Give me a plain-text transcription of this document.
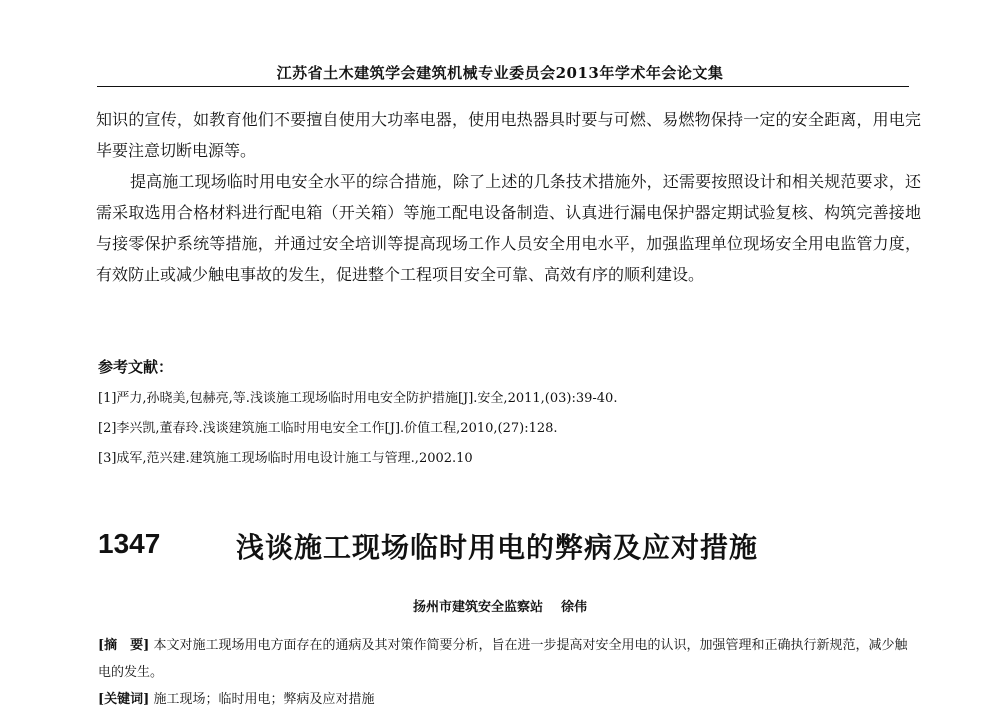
江苏省土木建筑学会建筑机械专业委员会2013年学术年会论文集
知识的宣传，如教育他们不要擅自使用大功率电器，使用电热器具时要与可燃、易燃物保持一定的安全距离，用电完毕要注意切断电源等。
提高施工现场临时用电安全水平的综合措施，除了上述的几条技术措施外，还需要按照设计和相关规范要求，还需采取选用合格材料进行配电箱（开关箱）等施工配电设备制造、认真进行漏电保护器定期试验复核、构筑完善接地与接零保护系统等措施，并通过安全培训等提高现场工作人员安全用电水平，加强监理单位现场安全用电监管力度，有效防止或减少触电事故的发生，促进整个工程项目安全可靠、高效有序的顺利建设。
参考文献：
[1]严力,孙晓美,包赫亮,等.浅谈施工现场临时用电安全防护措施[J].安全,2011,(03):39-40.
[2]李兴凯,董春玲.浅谈建筑施工临时用电安全工作[J].价值工程,2010,(27):128.
[3]成军,范兴建.建筑施工现场临时用电设计施工与管理.,2002.10
1347	浅谈施工现场临时用电的弊病及应对措施
扬州市建筑安全监察站 徐伟
[摘　要] 本文对施工现场用电方面存在的通病及其对策作简要分析，旨在进一步提高对安全用电的认识，加强管理和正确执行新规范，减少触电的发生。
[关键词] 施工现场；临时用电；弊病及应对措施
